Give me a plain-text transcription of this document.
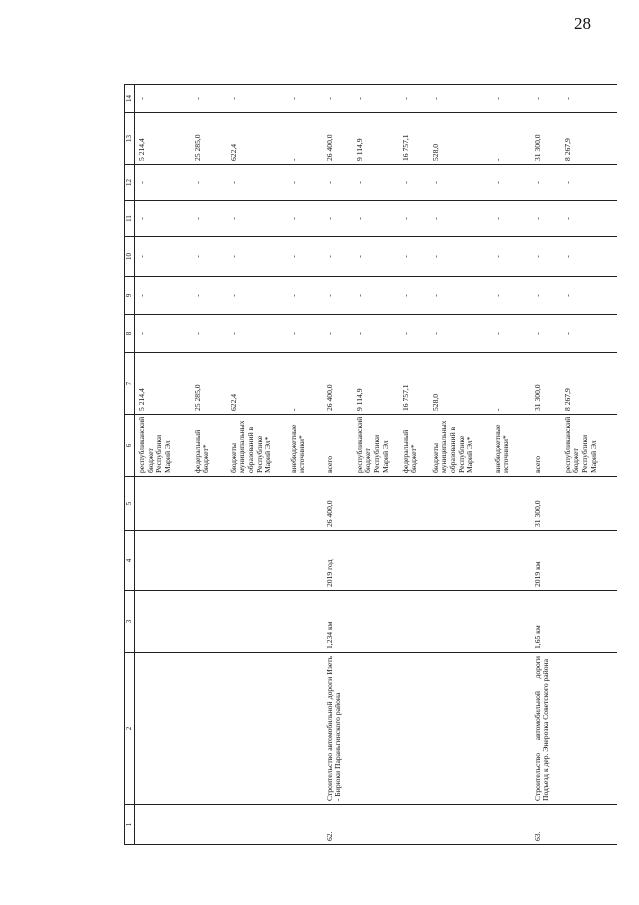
28
1	2	3	4	5	6	7	8	9	10	11	12	13	14
					республиканский бюджет Республики Марий Эл	5 214,4	-	-	-	-	-	5 214,4	-
					федеральный бюджет*	25 285,0	-	-	-	-	-	25 285,0	-
					бюджеты муниципальных образований в Республике Марий Эл*	622,4	-	-	-	-	-	622,4	-
					внебюджетные источники*	-	-	-	-	-	-	-	-
62.	Строительство автомобильной дороги Изеть - Бирюки Параньгинского района	1,234 км	2019 год	26 400,0	всего	26 400,0	-	-	-	-	-	26 400,0	-
					республиканский бюджет Республики Марий Эл	9 114,9	-	-	-	-	-	9 114,9	-
					федеральный бюджет*	16 757,1	-	-	-	-	-	16 757,1	-
					бюджеты муниципальных образований в Республике Марий Эл*	528,0	-	-	-	-	-	528,0	-
					внебюджетные источники*	-	-	-	-	-	-	-	-
63.	Строительство автомобильной дороги Подъезд к дер. Энерозка Советского района	1,65 км	2019 км	31 300,0	всего	31 300,0	-	-	-	-	-	31 300,0	-
					республиканский бюджет Республики Марий Эл	8 267,9	-	-	-	-	-	8 267,9	-
